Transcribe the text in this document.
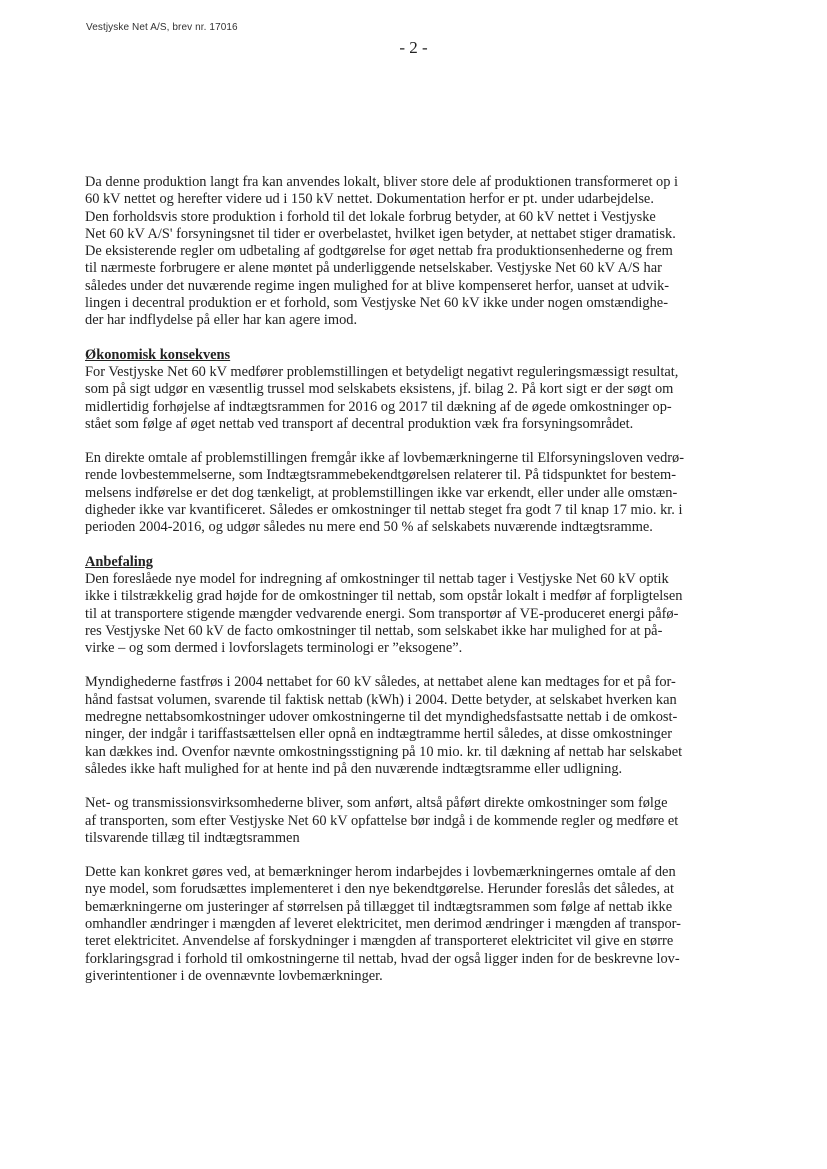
Vestjyske Net A/S, brev nr. 17016
- 2 -
Da denne produktion langt fra kan anvendes lokalt, bliver store dele af produktionen transformeret op i
60 kV nettet og herefter videre ud i 150 kV nettet. Dokumentation herfor er pt. under udarbejdelse.
Den forholdsvis store produktion i forhold til det lokale forbrug betyder, at 60 kV nettet i Vestjyske
Net 60 kV A/S' forsyningsnet til tider er overbelastet, hvilket igen betyder, at nettabet stiger dramatisk.
De eksisterende regler om udbetaling af godtgørelse for øget nettab fra produktionsenhederne og frem
til nærmeste forbrugere er alene møntet på underliggende netselskaber. Vestjyske Net 60 kV A/S har
således under det nuværende regime ingen mulighed for at blive kompenseret herfor, uanset at udvik-
lingen i decentral produktion er et forhold, som Vestjyske Net 60 kV ikke under nogen omstændighe-
der har indflydelse på eller har kan agere imod.
Økonomisk konsekvens
For Vestjyske Net 60 kV medfører problemstillingen et betydeligt negativt reguleringsmæssigt resultat,
som på sigt udgør en væsentlig trussel mod selskabets eksistens, jf. bilag 2. På kort sigt er der søgt om
midlertidig forhøjelse af indtægtsrammen for 2016 og 2017 til dækning af de øgede omkostninger op-
stået som følge af øget nettab ved transport af decentral produktion væk fra forsyningsområdet.
En direkte omtale af problemstillingen fremgår ikke af lovbemærkningerne til Elforsyningsloven vedrø-
rende lovbestemmelserne, som Indtægtsrammebekendtgørelsen relaterer til. På tidspunktet for bestem-
melsens indførelse er det dog tænkeligt, at problemstillingen ikke var erkendt, eller under alle omstæn-
digheder ikke var kvantificeret. Således er omkostninger til nettab steget fra godt 7 til knap 17 mio. kr. i
perioden 2004-2016, og udgør således nu mere end 50 % af selskabets nuværende indtægtsramme.
Anbefaling
Den foreslåede nye model for indregning af omkostninger til nettab tager i Vestjyske Net 60 kV optik
ikke i tilstrækkelig grad højde for de omkostninger til nettab, som opstår lokalt i medfør af forpligtelsen
til at transportere stigende mængder vedvarende energi. Som transportør af VE-produceret energi påfø-
res Vestjyske Net 60 kV de facto omkostninger til nettab, som selskabet ikke har mulighed for at på-
virke – og som dermed i lovforslagets terminologi er ”eksogene”.
Myndighederne fastfrøs i 2004 nettabet for 60 kV således, at nettabet alene kan medtages for et på for-
hånd fastsat volumen, svarende til faktisk nettab (kWh) i 2004. Dette betyder, at selskabet hverken kan
medregne nettabsomkostninger udover omkostningerne til det myndighedsfastsatte nettab i de omkost-
ninger, der indgår i tariffastsættelsen eller opnå en indtægtramme hertil således, at disse omkostninger
kan dækkes ind. Ovenfor nævnte omkostningsstigning på 10 mio. kr. til dækning af nettab har selskabet
således ikke haft mulighed for at hente ind på den nuværende indtægtsramme eller udligning.
Net- og transmissionsvirksomhederne bliver, som anført, altså påført direkte omkostninger som følge
af transporten, som efter Vestjyske Net 60 kV opfattelse bør indgå i de kommende regler og medføre et
tilsvarende tillæg til indtægtsrammen
Dette kan konkret gøres ved, at bemærkninger herom indarbejdes i lovbemærkningernes omtale af den
nye model, som forudsættes implementeret i den nye bekendtgørelse. Herunder foreslås det således, at
bemærkningerne om justeringer af størrelsen på tillægget til indtægtsrammen som følge af nettab ikke
omhandler ændringer i mængden af leveret elektricitet, men derimod ændringer i mængden af transpor-
teret elektricitet. Anvendelse af forskydninger i mængden af transporteret elektricitet vil give en større
forklaringsgrad i forhold til omkostningerne til nettab, hvad der også ligger inden for de beskrevne lov-
giverintentioner i de ovennævnte lovbemærkninger.
